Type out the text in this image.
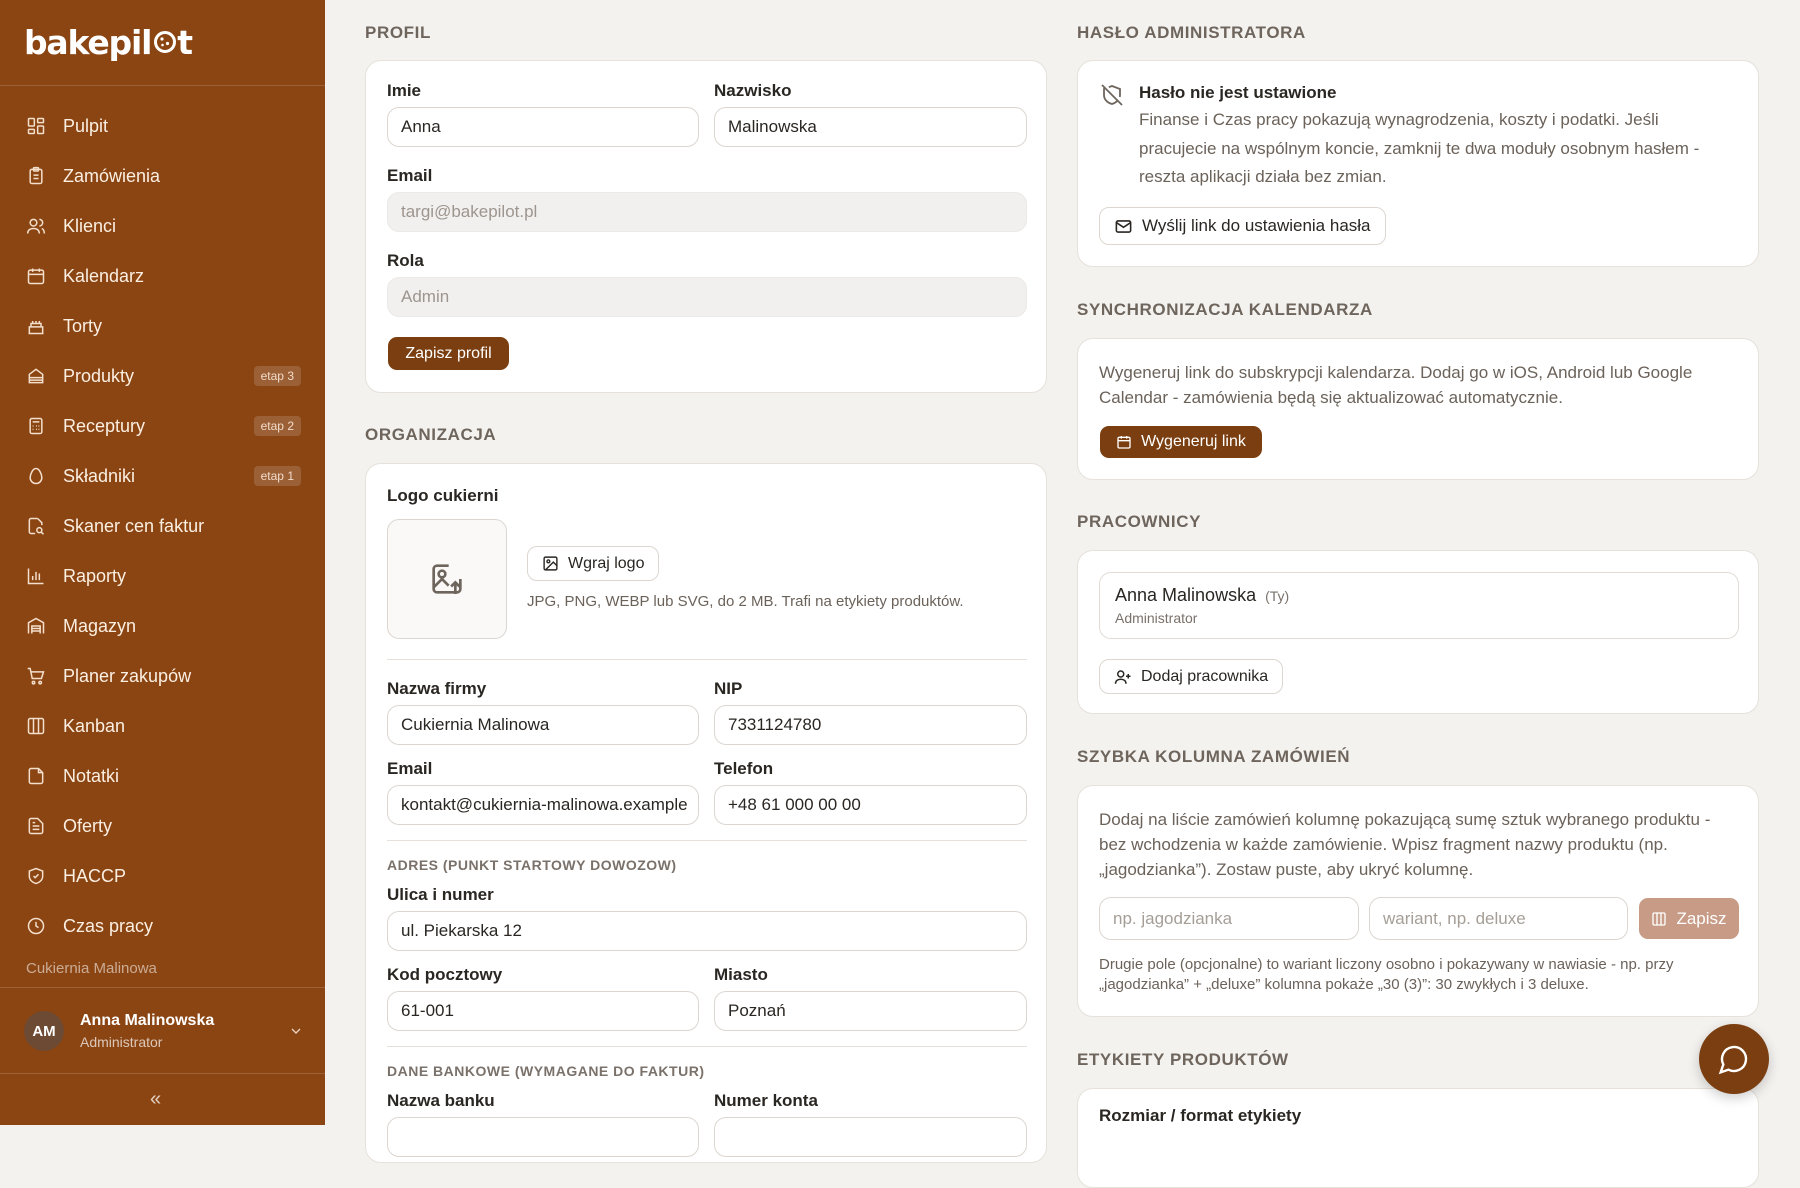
bakepil t
Pulpit
Zamówienia
Klienci
Kalendarz
Torty
Produkty	etap 3
Receptury	etap 2
Składniki	etap 1
Skaner cen faktur
Raporty
Magazyn
Planer zakupów
Kanban
Notatki
Oferty
HACCP
Czas pracy
Cukiernia Malinowa
AM
Anna Malinowska
Administrator
«
PROFIL
Imie
Anna
Nazwisko
Malinowska
Email
targi@bakepilot.pl
Rola
Admin
Zapisz profil
ORGANIZACJA
Logo cukierni
Wgraj logo
JPG, PNG, WEBP lub SVG, do 2 MB. Trafi na etykiety produktów.
Nazwa firmy
Cukiernia Malinowa
NIP
7331124780
Email
kontakt@cukiernia-malinowa.example
Telefon
+48 61 000 00 00
ADRES (PUNKT STARTOWY DOWOZOW)
Ulica i numer
ul. Piekarska 12
Kod pocztowy
61-001
Miasto
Poznań
DANE BANKOWE (WYMAGANE DO FAKTUR)
Nazwa banku	Numer konta
HASŁO ADMINISTRATORA
Hasło nie jest ustawione
Finanse i Czas pracy pokazują wynagrodzenia, koszty i podatki. Jeśli pracujecie na wspólnym koncie, zamknij te dwa moduły osobnym hasłem - reszta aplikacji działa bez zmian.
Wyślij link do ustawienia hasła
SYNCHRONIZACJA KALENDARZA
Wygeneruj link do subskrypcji kalendarza. Dodaj go w iOS, Android lub Google Calendar - zamówienia będą się aktualizować automatycznie.
Wygeneruj link
PRACOWNICY
Anna Malinowska (Ty)
Administrator
Dodaj pracownika
SZYBKA KOLUMNA ZAMÓWIEŃ
Dodaj na liście zamówień kolumnę pokazującą sumę sztuk wybranego produktu - bez wchodzenia w każde zamówienie. Wpisz fragment nazwy produktu (np. „jagodzianka”). Zostaw puste, aby ukryć kolumnę.
np. jagodzianka	wariant, np. deluxe	Zapisz
Drugie pole (opcjonalne) to wariant liczony osobno i pokazywany w nawiasie - np. przy „jagodzianka” + „deluxe” kolumna pokaże „30 (3)”: 30 zwykłych i 3 deluxe.
ETYKIETY PRODUKTÓW
Rozmiar / format etykiety
